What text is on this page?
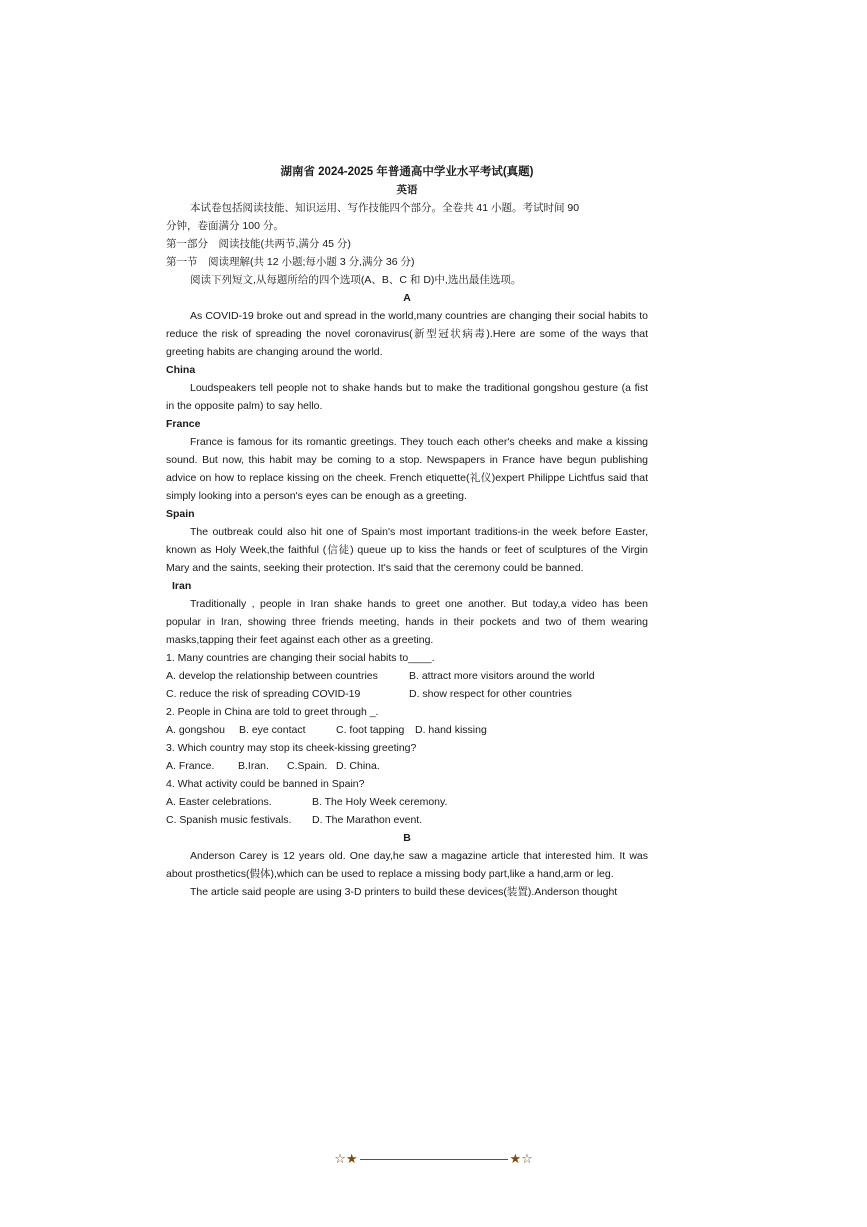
湖南省 2024-2025 年普通高中学业水平考试(真题)

英语

本试卷包括阅读技能、知识运用、写作技能四个部分。全卷共 41 小题。考试时间 90

分钟，卷面满分 100 分。

第一部分　阅读技能(共两节,满分 45 分)

第一节　阅读理解(共 12 小题;每小题 3 分,满分 36 分)

阅读下列短文,从每题所给的四个选项(A、B、C 和 D)中,选出最佳选项。

A

As COVID-19 broke out and spread in the world,many countries are changing their social habits to reduce the risk of spreading the novel coronavirus(新型冠状病毒).Here are some of the ways that greeting habits are changing around the world.

China

Loudspeakers tell people not to shake hands but to make the traditional gongshou gesture (a fist in the opposite palm) to say hello.

France

France is famous for its romantic greetings. They touch each other's cheeks and make a kissing sound. But now, this habit may be coming to a stop. Newspapers in France have begun publishing advice on how to replace kissing on the cheek. French etiquette(礼仪)expert Philippe Lichtfus said that simply looking into a person's eyes can be enough as a greeting.

Spain

The outbreak could also hit one of Spain's most important traditions-in the week before Easter, known as Holy Week,the faithful (信徒) queue up to kiss the hands or feet of sculptures of the Virgin Mary and the saints, seeking their protection. It's said that the ceremony could be banned.

Iran

Traditionally , people in Iran shake hands to greet one another. But today,a video has been popular in Iran, showing three friends meeting, hands in their pockets and two of them wearing masks,tapping their feet against each other as a greeting.

1. Many countries are changing their social habits to____.

A. develop the relationship between countries	B. attract more visitors around the world
C. reduce the risk of spreading COVID-19	D. show respect for other countries

2. People in China are told to greet through _.

A. gongshou	B. eye contact	C. foot tapping	D. hand kissing

3. Which country may stop its cheek-kissing greeting?

A. France.	B.Iran.	C.Spain. D. China.

4. What activity could be banned in Spain?

A. Easter celebrations.	B. The Holy Week ceremony.
C. Spanish music festivals.	D. The Marathon event.

B

Anderson Carey is 12 years old. One day,he saw a magazine article that interested him. It was about prosthetics(假体),which can be used to replace a missing body part,like a hand,arm or leg.

The article said people are using 3-D printers to build these devices(装置).Anderson thought

☆★	★☆
